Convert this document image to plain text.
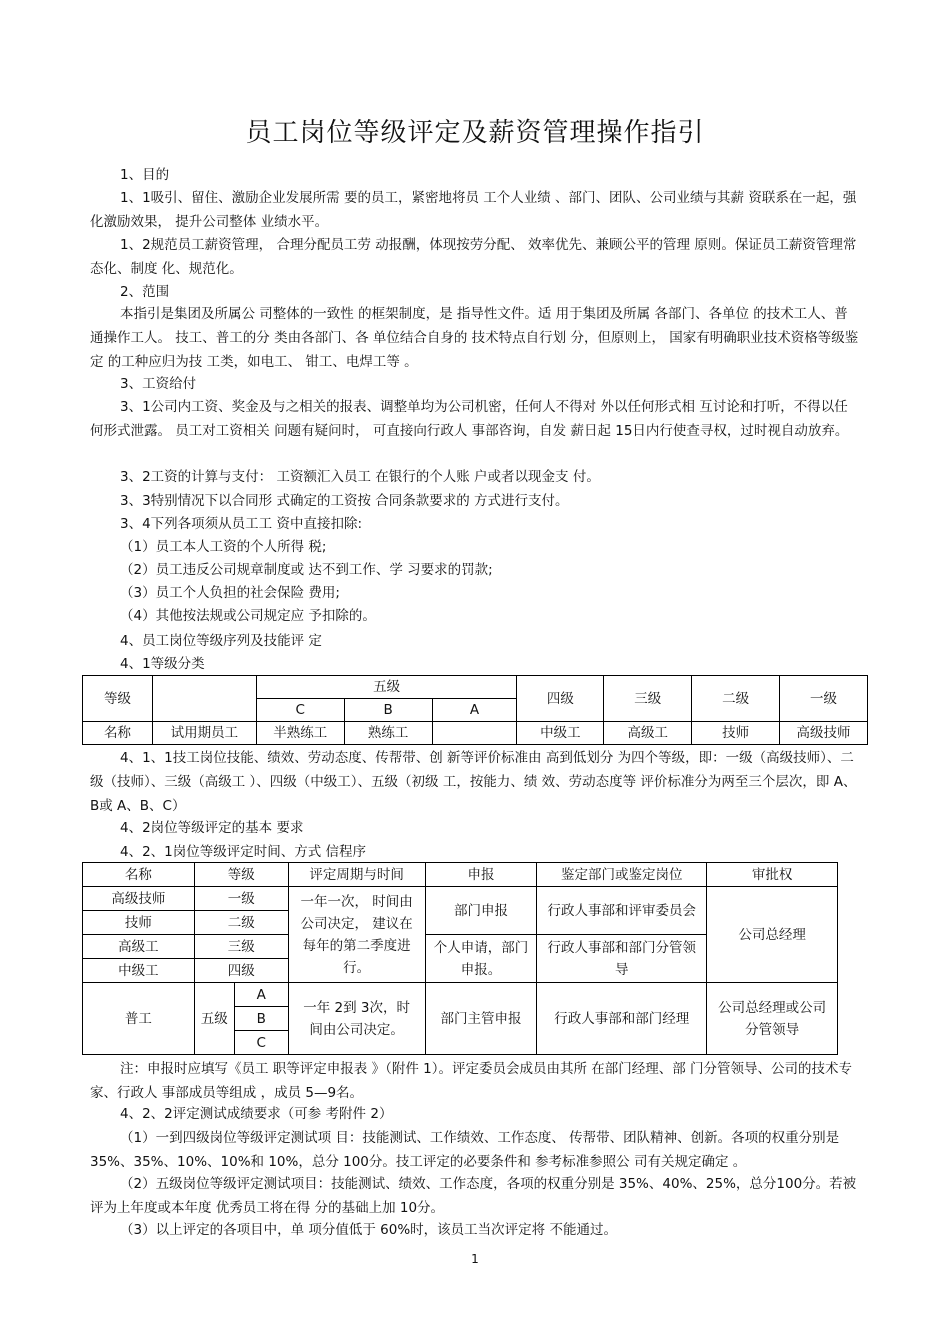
员工岗位等级评定及薪资管理操作指引

1、目的

1、1吸引、留住、激励企业发展所需 要的员工，紧密地将员 工个人业绩 、部门、团队、公司业绩与其薪 资联系在一起，强化激励效果， 提升公司整体 业绩水平。

1、2规范员工薪资管理， 合理分配员工劳 动报酬，体现按劳分配、 效率优先、兼顾公平的管理 原则。保证员工薪资管理常态化、制度 化、规范化。

2、范围

本指引是集团及所属公 司整体的一致性 的框架制度，是 指导性文件。适 用于集团及所属 各部门、各单位 的技术工人、普通操作工人。 技工、普工的分 类由各部门、各 单位结合自身的 技术特点自行划 分，但原则上， 国家有明确职业技术资格等级鉴定 的工种应归为技 工类，如电工、 钳工、电焊工等 。

3、工资给付

3、1公司内工资、奖金及与之相关的报表、调整单均为公司机密，任何人不得对 外以任何形式相 互讨论和打听，不得以任何形式泄露。 员工对工资相关 问题有疑问时， 可直接向行政人 事部咨询，自发 薪日起 15日内行使查寻权，过时视自动放弃。

3、2工资的计算与支付： 工资额汇入员工 在银行的个人账 户或者以现金支 付。

3、3特别情况下以合同形 式确定的工资按 合同条款要求的 方式进行支付。

3、4下列各项须从员工工 资中直接扣除:

（1）员工本人工资的个人所得 税;

（2）员工违反公司规章制度或 达不到工作、学 习要求的罚款;

（3）员工个人负担的社会保险 费用;

（4）其他按法规或公司规定应 予扣除的。

4、员工岗位等级序列及技能评 定

4、1等级分类

等级		五级			四级	三级	二级	一级
		C	B	A				
名称	试用期员工	半熟练工	熟练工		中级工	高级工	技师	高级技师

4、1、1技工岗位技能、绩效、劳动态度、传帮带、创 新等评价标准由 高到低划分 为四个等级，即：一级（高级技师）、二级（技师）、三级（高级工 ）、四级（中级工）、五级（初级 工，按能力、绩 效、劳动态度等 评价标准分为两至三个层次，即 A、B或 A、B、C）

4、2岗位等级评定的基本 要求

4、2、1岗位等级评定时间、方式 信程序

名称	等级		评定周期与时间	申报	鉴定部门或鉴定岗位	审批权
高级技师	一级		一年一次， 时间由公司决定， 建议在每年的第二季度进行。	部门申报	行政人事部和评审委员会	公司总经理
技师	二级					
高级工	三级			个人申请，部门申报。	行政人事部和部门分管领导	
中级工	四级					
普工	五级	A	一年 2到 3次，时间由公司决定。	部门主管申报	行政人事部和部门经理	公司总经理或公司分管领导
		B				
		C				

注：申报时应填写《员工 职等评定申报表 》（附件 1）。评定委员会成员由其所 在部门经理、部 门分管领导、公司的技术专家、行政人 事部成员等组成 ，成员 5—9名。

4、2、2评定测试成绩要求（可参 考附件 2）

（1）一到四级岗位等级评定测试项 目：技能测试、工作绩效、工作态度、 传帮带、团队精神、创新。各项的权重分别是 35%、35%、10%、10%和 10%，总分 100分。技工评定的必要条件和 参考标准参照公 司有关规定确定 。

（2）五级岗位等级评定测试项目：技能测试、绩效、工作态度，各项的权重分别是 35%、40%、25%，总分100分。若被评为上年度或本年度 优秀员工将在得 分的基础上加 10分。

（3）以上评定的各项目中，单 项分值低于 60%时，该员工当次评定将 不能通过。

1
